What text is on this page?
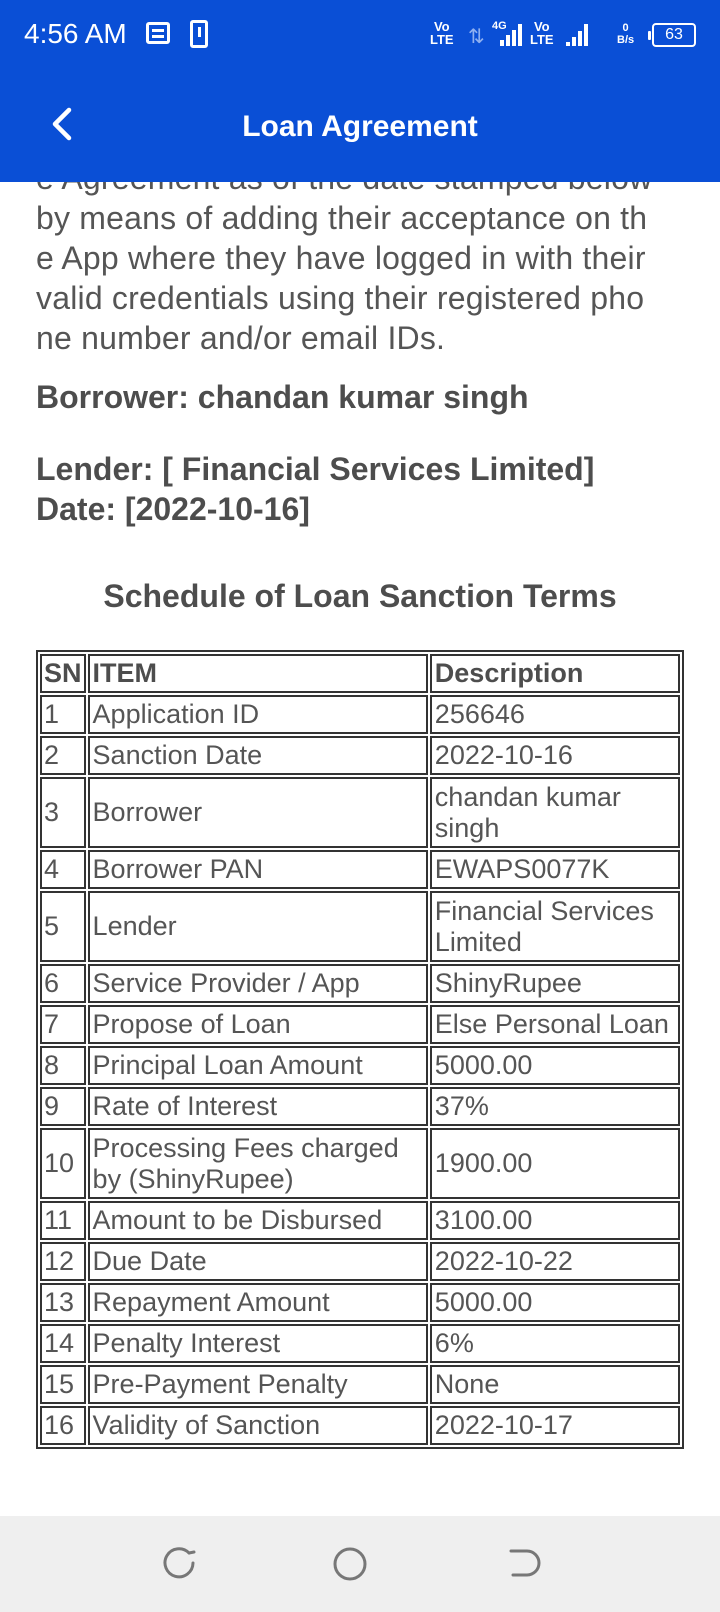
by means of adding their acceptance on th
e App where they have logged in with their
valid credentials using their registered pho
ne number and/or email IDs.
Borrower: chandan kumar singh
Lender: [ Financial Services Limited]
Date: [2022-10-16]
Schedule of Loan Sanction Terms
SN	ITEM	Description
1	Application ID	256646
2	Sanction Date	2022-10-16
3	Borrower	chandan kumar singh
4	Borrower PAN	EWAPS0077K
5	Lender	Financial Services Limited
6	Service Provider / App	ShinyRupee
7	Propose of Loan	Else Personal Loan
8	Principal Loan Amount	5000.00
9	Rate of Interest	37%
10	Processing Fees charged by (ShinyRupee)	1900.00
11	Amount to be Disbursed	3100.00
12	Due Date	2022-10-22
13	Repayment Amount	5000.00
14	Penalty Interest	6%
15	Pre-Payment Penalty	None
16	Validity of Sanction	2022-10-17
4:56 AM	Vo
LTE ⇅ 4G	Vo
LTE
0
B/s	63
Loan Agreement
